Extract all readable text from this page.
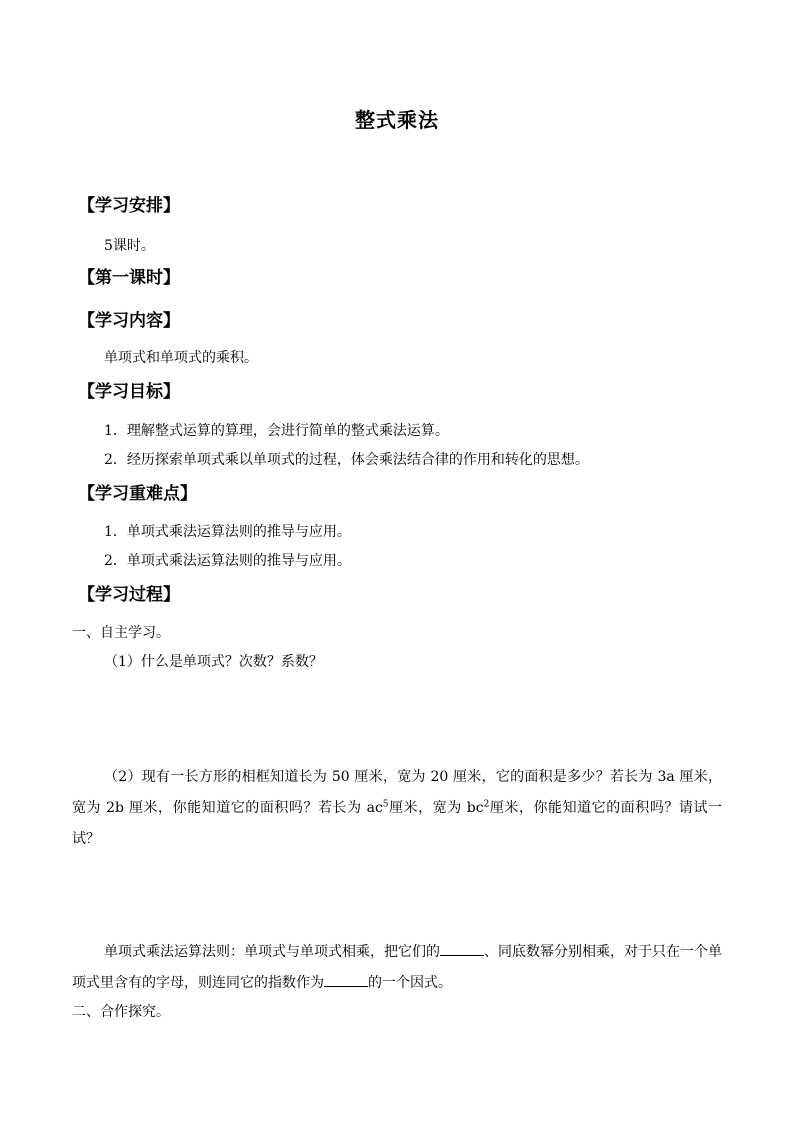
整式乘法
【学习安排】
5课时。
【第一课时】
【学习内容】
单项式和单项式的乘积。
【学习目标】
1．理解整式运算的算理，会进行简单的整式乘法运算。
2．经历探索单项式乘以单项式的过程，体会乘法结合律的作用和转化的思想。
【学习重难点】
1．单项式乘法运算法则的推导与应用。
2．单项式乘法运算法则的推导与应用。
【学习过程】
一、自主学习。
（1）什么是单项式？次数？系数？
（2）现有一长方形的相框知道长为 50 厘米，宽为 20 厘米，它的面积是多少？若长为 3a 厘米，宽为 2b 厘米，你能知道它的面积吗？若长为 $ac^5$厘米，宽为 $bc^2$厘米，你能知道它的面积吗？请试一试？
单项式乘法运算法则：单项式与单项式相乘，把它们的	、同底数幂分别相乘，对于只在一个单项式里含有的字母，则连同它的指数作为	的一个因式。
二、合作探究。
